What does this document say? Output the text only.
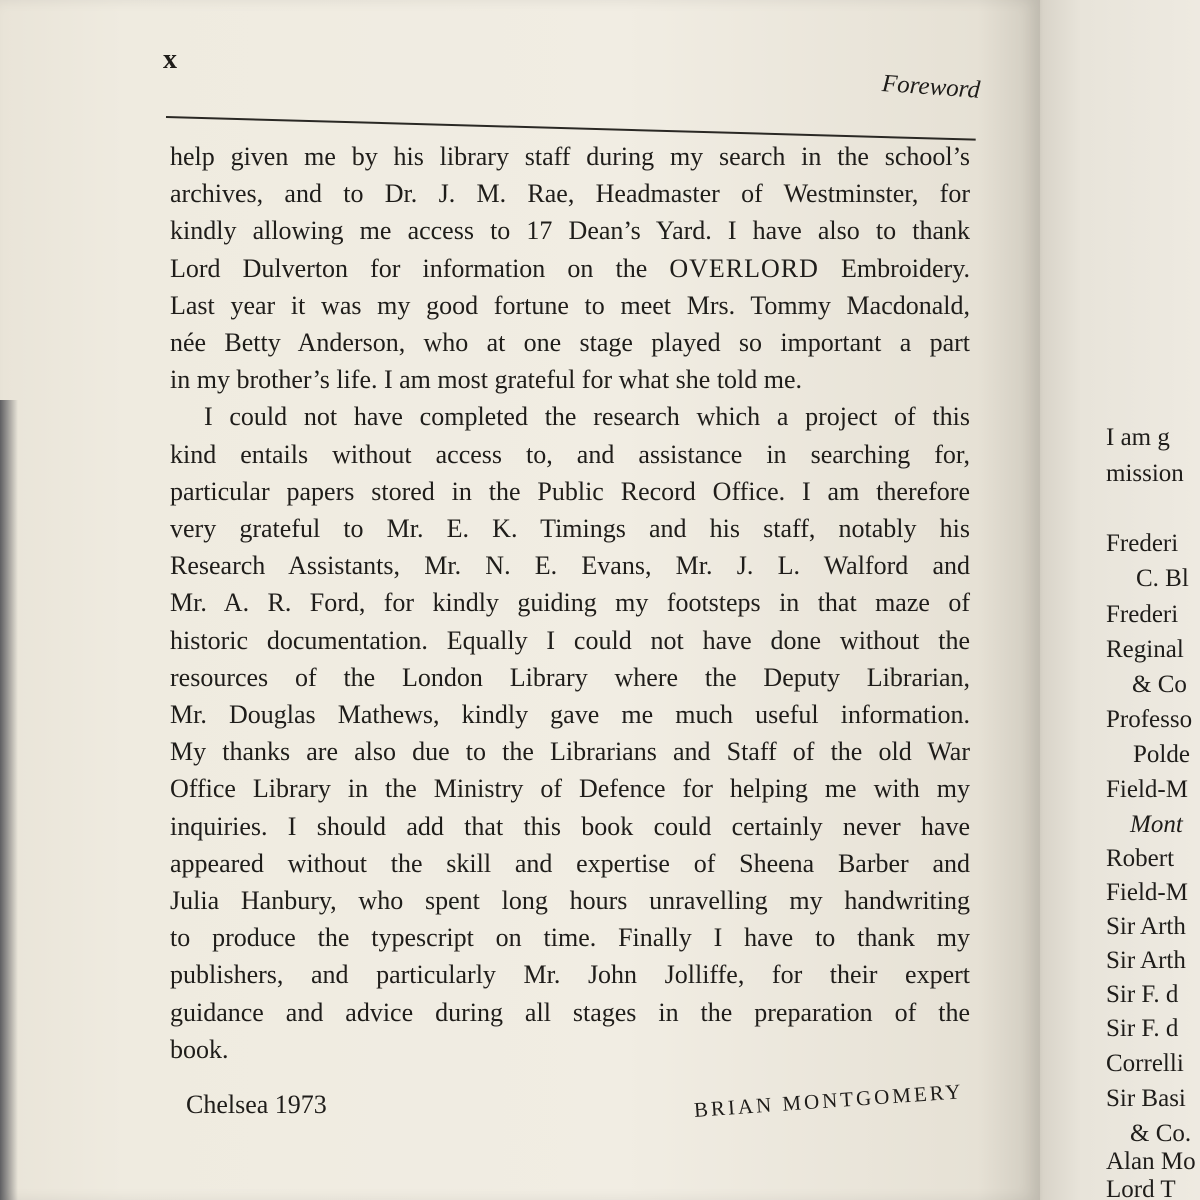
x
Foreword
help given me by his library staff during my search in the school’s
archives, and to Dr. J. M. Rae, Headmaster of Westminster, for
kindly allowing me access to 17 Dean’s Yard. I have also to thank
Lord Dulverton for information on the OVERLORD Embroidery.
Last year it was my good fortune to meet Mrs. Tommy Macdonald,
née Betty Anderson, who at one stage played so important a part
in my brother’s life. I am most grateful for what she told me.
I could not have completed the research which a project of this
kind entails without access to, and assistance in searching for,
particular papers stored in the Public Record Office. I am therefore
very grateful to Mr. E. K. Timings and his staff, notably his
Research Assistants, Mr. N. E. Evans, Mr. J. L. Walford and
Mr. A. R. Ford, for kindly guiding my footsteps in that maze of
historic documentation. Equally I could not have done without the
resources of the London Library where the Deputy Librarian,
Mr. Douglas Mathews, kindly gave me much useful information.
My thanks are also due to the Librarians and Staff of the old War
Office Library in the Ministry of Defence for helping me with my
inquiries. I should add that this book could certainly never have
appeared without the skill and expertise of Sheena Barber and
Julia Hanbury, who spent long hours unravelling my handwriting
to produce the typescript on time. Finally I have to thank my
publishers, and particularly Mr. John Jolliffe, for their expert
guidance and advice during all stages in the preparation of the
book.
Chelsea 1973	BRIAN MONTGOMERY
I am g
mission
Frederi
C. Bl
Frederi
Reginal
& Co
Professo
Polde
Field-M
Mont
Robert
Field-M
Sir Arth
Sir Arth
Sir F. d
Sir F. d
Correlli
Sir Basi
& Co.
Alan Mo
Lord T
